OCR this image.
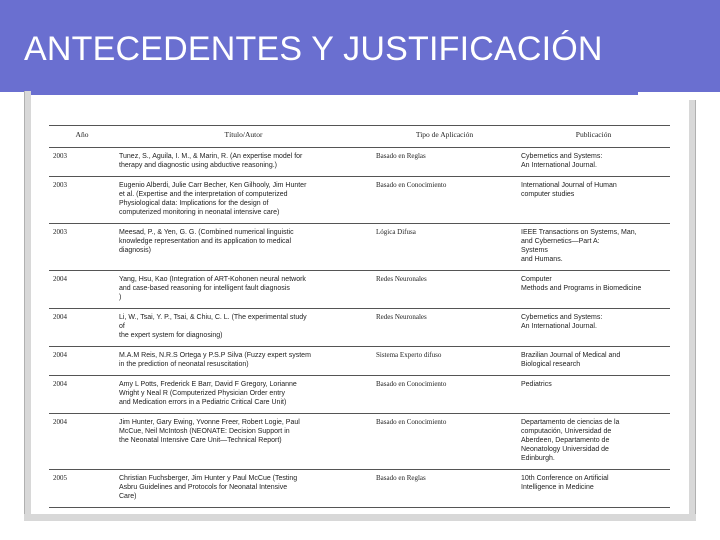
ANTECEDENTES Y JUSTIFICACIÓN
Año	Título/Autor	Tipo de Aplicación	Publicación
2003	Tunez, S., Aguila, I. M., & Marin, R. (An expertise model for
therapy and diagnostic using abductive reasoning.)	Basado en Reglas	Cybernetics and Systems:
An International Journal.
2003	Eugenio Alberdi, Julie Carr Becher, Ken Gilhooly, Jim Hunter
et al. (Expertise and the interpretation of computerized
Physiological data: Implications for the design of
computerized monitoring in neonatal intensive care)	Basado en Conocimiento	International Journal of Human
computer studies
2003	Meesad, P., & Yen, G. G. (Combined numerical linguistic
knowledge representation and its application to medical
diagnosis)	Lógica Difusa	IEEE Transactions on Systems, Man,
and Cybernetics—Part A:
Systems
and Humans.
2004	Yang, Hsu, Kao (Integration of ART-Kohonen neural network
and case-based reasoning for intelligent fault diagnosis
)	Redes Neuronales	Computer
Methods and Programs in Biomedicine
2004	Li, W., Tsai, Y. P., Tsai, & Chiu, C. L. (The experimental study
of
the expert system for diagnosing)	Redes Neuronales	Cybernetics and Systems:
An International Journal.
2004	M.A.M Reis, N.R.S Ortega y P.S.P Silva (Fuzzy expert system
in the prediction of neonatal resuscitation)	Sistema Experto difuso	Brazilian Journal of Medical and
Biological research
2004	Amy L Potts, Frederick E Barr, David F Gregory, Lorianne
Wright y Neal R (Computerized Physician Order entry
and Medication errors in a Pediatric Critical Care Unit)	Basado en Conocimiento	Pediatrics
2004	Jim Hunter, Gary Ewing, Yvonne Freer, Robert Logie, Paul
McCue, Neil McIntosh (NEONATE: Decision Support in
the Neonatal Intensive Care Unit—Technical Report)	Basado en Conocimiento	Departamento de ciencias de la
computación, Universidad de
Aberdeen, Departamento de
Neonatology Universidad de
Edinburgh.
2005	Christian Fuchsberger, Jim Hunter y Paul McCue (Testing
Asbru Guidelines and Protocols for Neonatal Intensive
Care)	Basado en Reglas	10th Conference on Artificial
Intelligence in Medicine
